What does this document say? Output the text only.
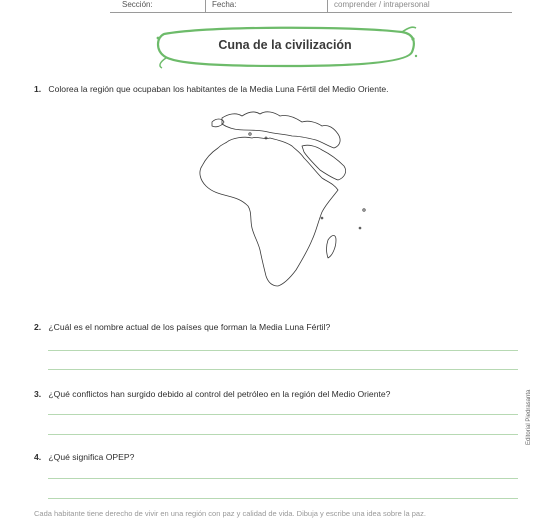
Sección:	Fecha:	comprender / intrapersonal
Cuna de la civilización
1. Colorea la región que ocupaban los habitantes de la Media Luna Fértil del Medio Oriente.
2. ¿Cuál es el nombre actual de los países que forman la Media Luna Fértil?
3. ¿Qué conflictos han surgido debido al control del petróleo en la región del Medio Oriente?
4. ¿Qué significa OPEP?
Cada habitante tiene derecho de vivir en una región con paz y calidad de vida. Dibuja y escribe una idea sobre la paz.
Editorial Piedrasanta
